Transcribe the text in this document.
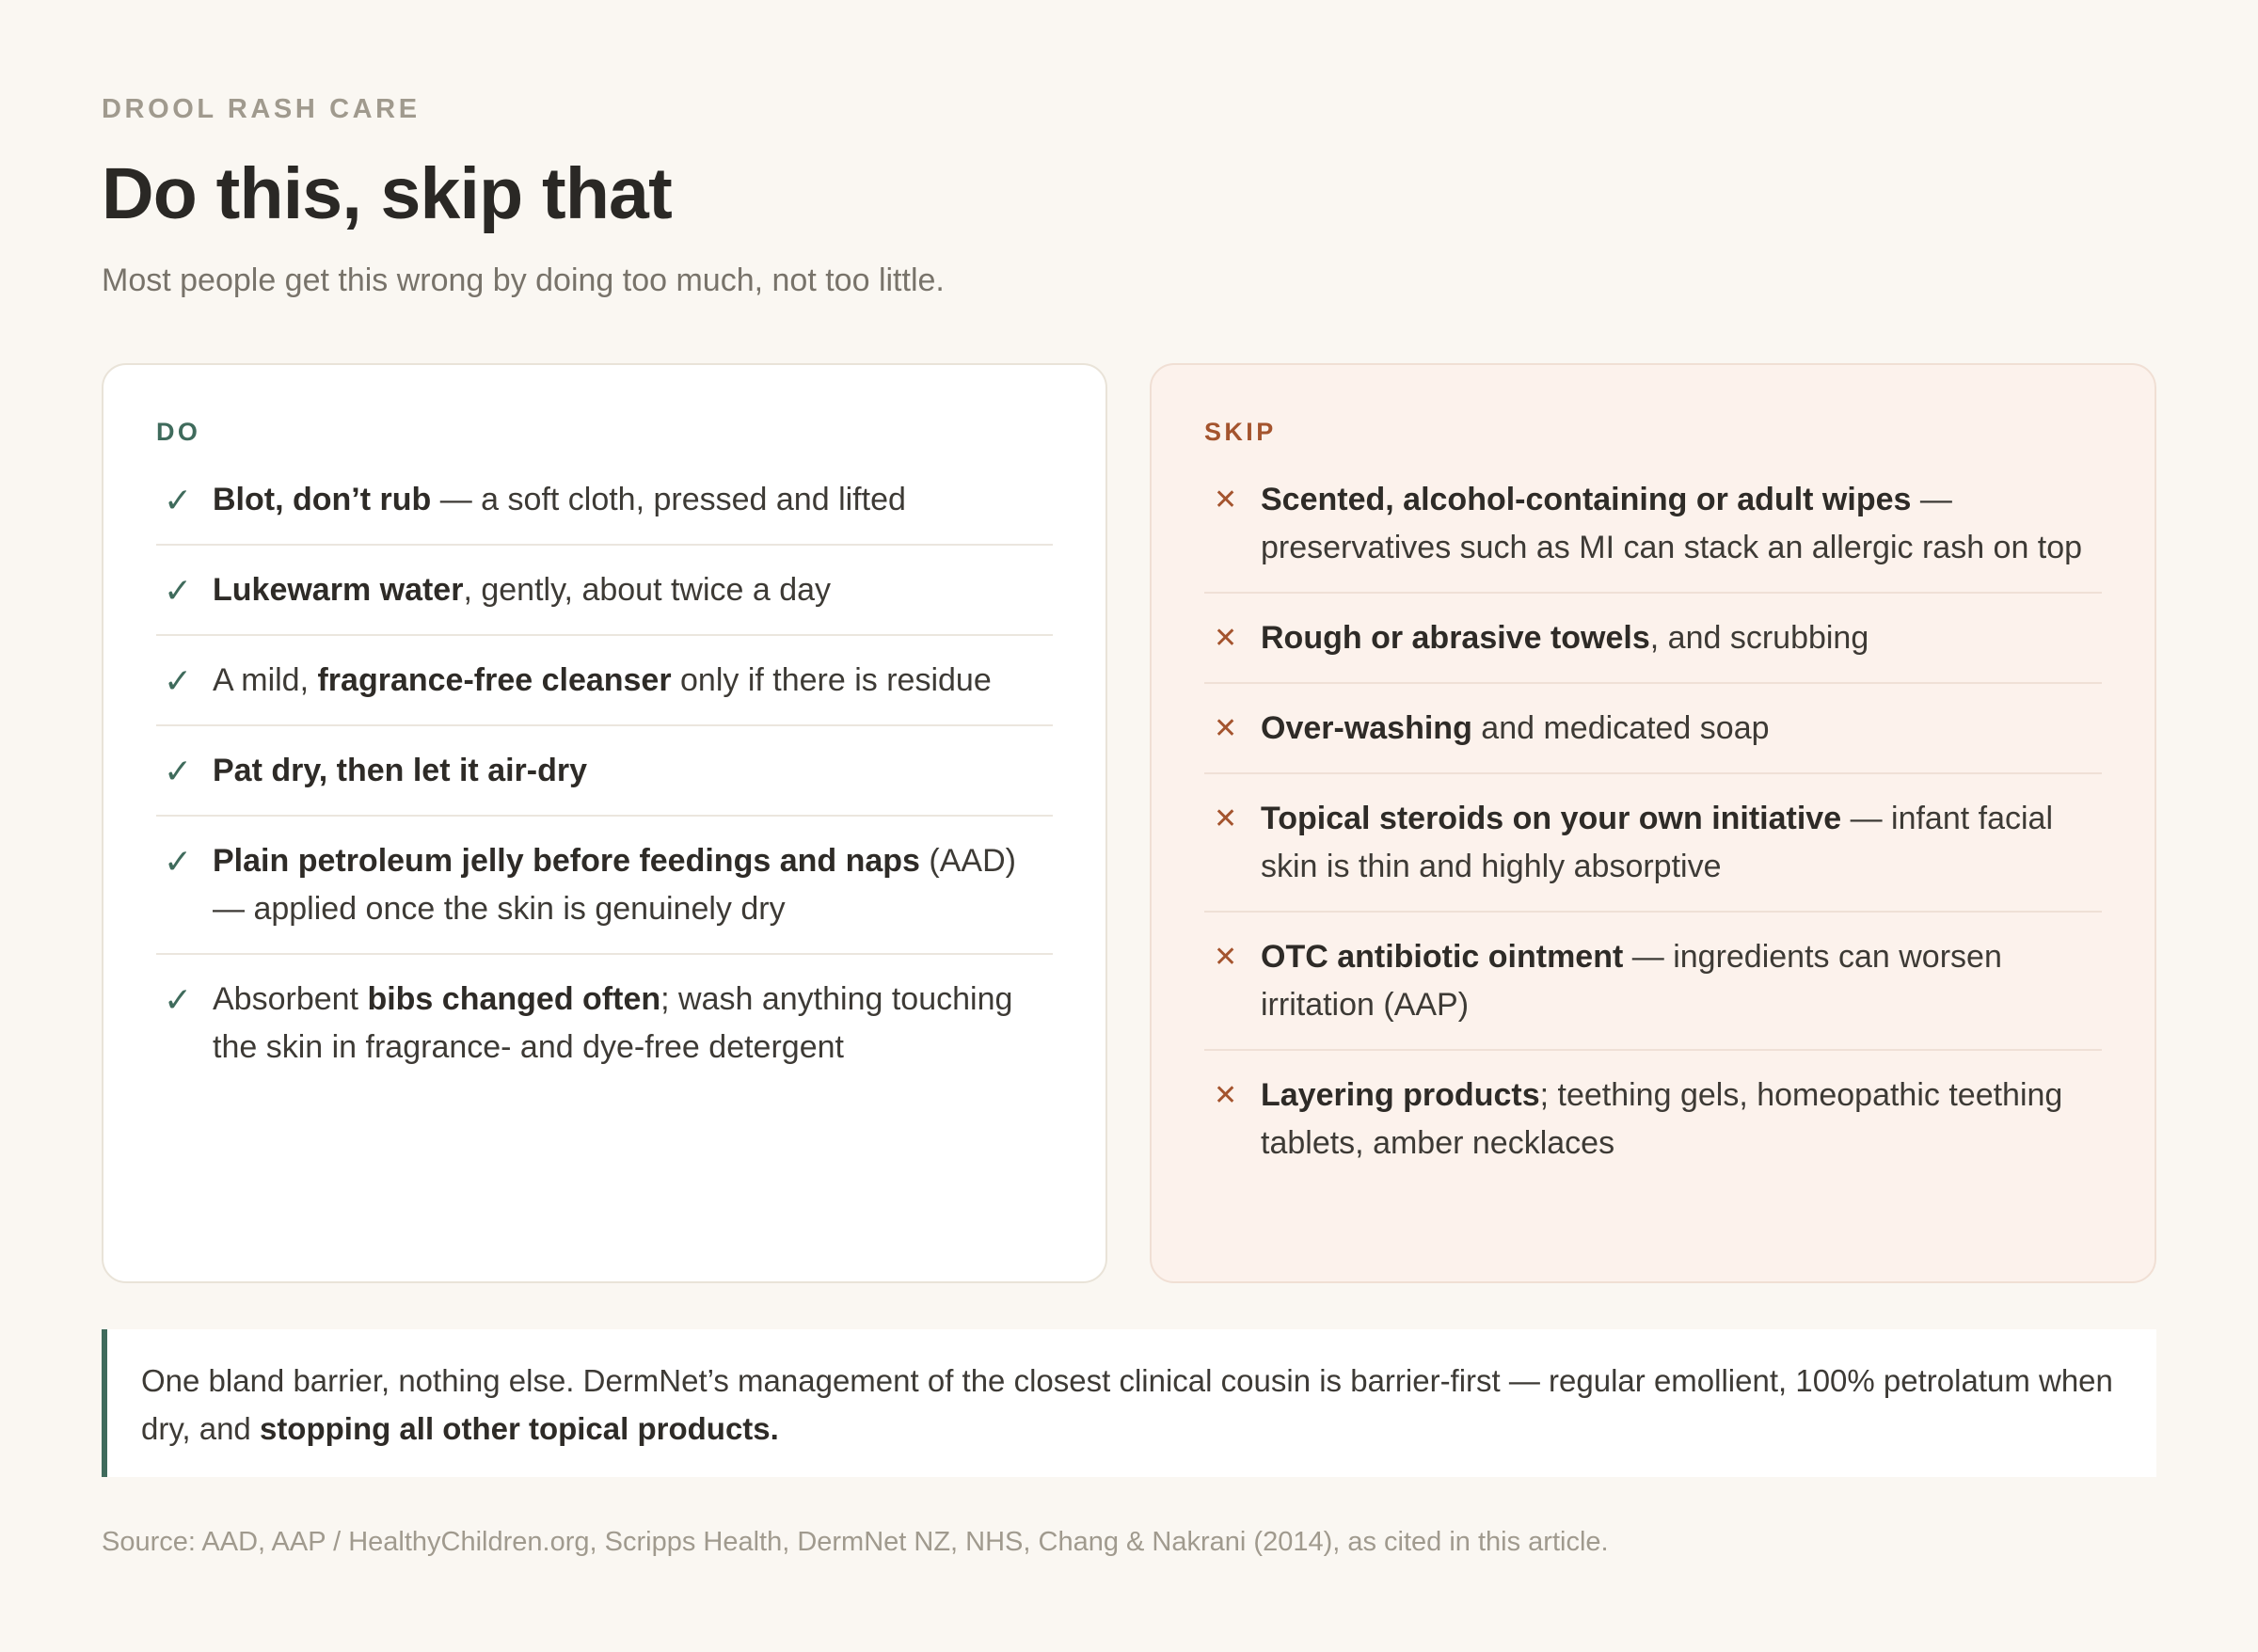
DROOL RASH CARE
Do this, skip that
Most people get this wrong by doing too much, not too little.
DO
✓ Blot, don’t rub — a soft cloth, pressed and lifted
✓ Lukewarm water, gently, about twice a day
✓ A mild, fragrance-free cleanser only if there is residue
✓ Pat dry, then let it air-dry
✓ Plain petroleum jelly before feedings and naps (AAD) — applied once the skin is genuinely dry
✓ Absorbent bibs changed often; wash anything touching the skin in fragrance- and dye-free detergent
SKIP
✕ Scented, alcohol-containing or adult wipes — preservatives such as MI can stack an allergic rash on top
✕ Rough or abrasive towels, and scrubbing
✕ Over-washing and medicated soap
✕ Topical steroids on your own initiative — infant facial skin is thin and highly absorptive
✕ OTC antibiotic ointment — ingredients can worsen irritation (AAP)
✕ Layering products; teething gels, homeopathic teething tablets, amber necklaces
One bland barrier, nothing else. DermNet’s management of the closest clinical cousin is barrier-first — regular emollient, 100% petrolatum when dry, and stopping all other topical products.
Source: AAD, AAP / HealthyChildren.org, Scripps Health, DermNet NZ, NHS, Chang & Nakrani (2014), as cited in this article.
